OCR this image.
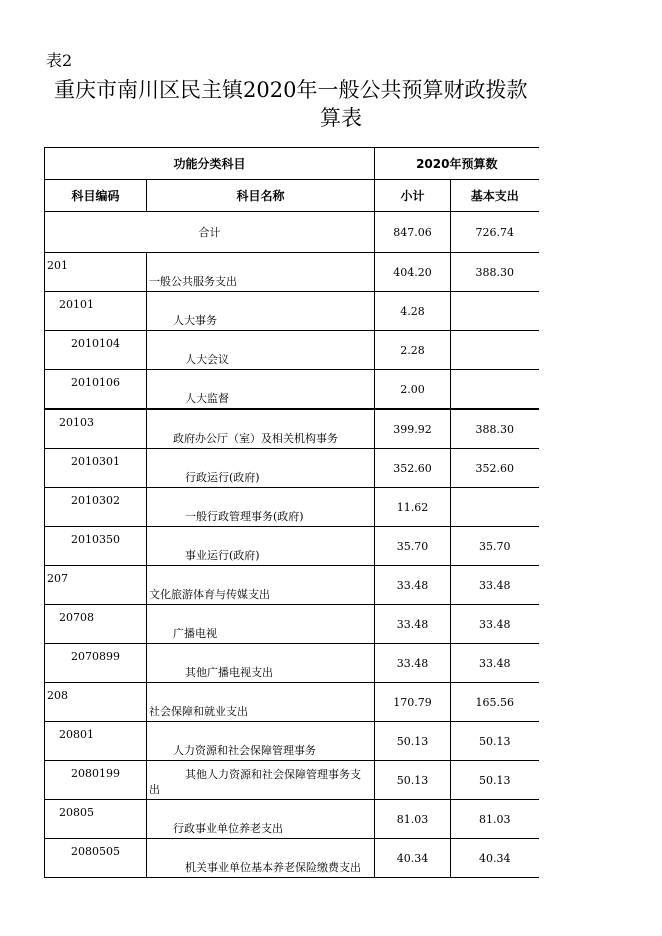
表2
重庆市南川区民主镇2020年一般公共预算财政拨款
算表
功能分类科目		2020年预算数	
科目编码	科目名称	小计	基本支出

合计		847.06	726.74

201	一般公共服务支出	404.20	388.30

20101	人大事务	4.28	

2010104	人大会议	2.28	

2010106	人大监督	2.00	

20103	政府办公厅（室）及相关机构事务	399.92	388.30

2010301	行政运行(政府)	352.60	352.60

2010302	一般行政管理事务(政府)	11.62	

2010350	事业运行(政府)	35.70	35.70

207	文化旅游体育与传媒支出	33.48	33.48

20708	广播电视	33.48	33.48

2070899	其他广播电视支出	33.48	33.48

208	社会保障和就业支出	170.79	165.56

20801	人力资源和社会保障管理事务	50.13	50.13

2080199	其他人力资源和社会保障管理事务支出	50.13	50.13

20805	行政事业单位养老支出	81.03	81.03

2080505	机关事业单位基本养老保险缴费支出	40.34	40.34
